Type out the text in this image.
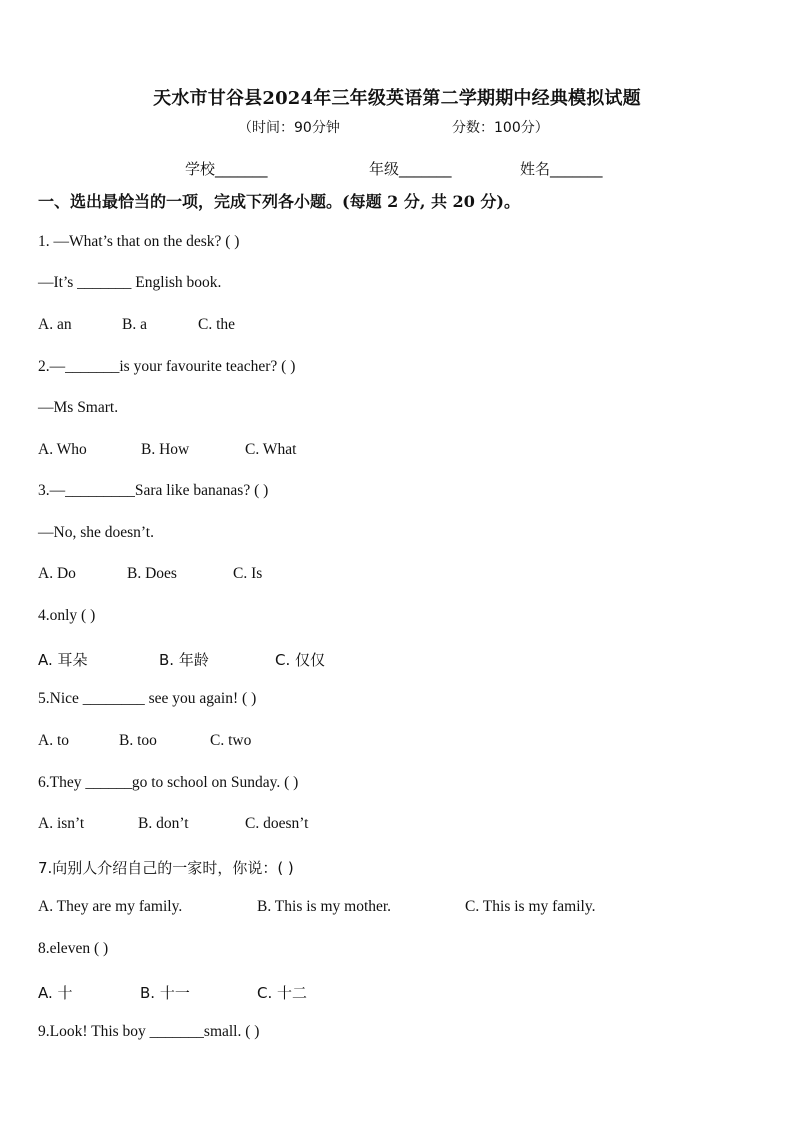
天水市甘谷县2024年三年级英语第二学期期中经典模拟试题
（时间：90分钟	分数：100分）
学校_______	年级_______	姓名_______
一、选出最恰当的一项，完成下列各小题。(每题 2 分, 共 20 分)。
1. —What’s that on the desk? ( )
—It’s _______ English book.
A. an	B. a	C. the
2.—_______is your favourite teacher? ( )
—Ms Smart.
A. Who	B. How	C. What
3.—_________Sara like bananas? ( )
—No, she doesn’t.
A. Do	B. Does	C. Is
4.only ( )
A. 耳朵	B. 年龄	C. 仅仅
5.Nice ________ see you again! ( )
A. to	B. too	C. two
6.They ______go to school on Sunday. ( )
A. isn’t	B. don’t	C. doesn’t
7.向别人介绍自己的一家时，你说：( )
A. They are my family.	B. This is my mother.	C. This is my family.
8.eleven ( )
A. 十	B. 十一	C. 十二
9.Look! This boy _______small. ( )
